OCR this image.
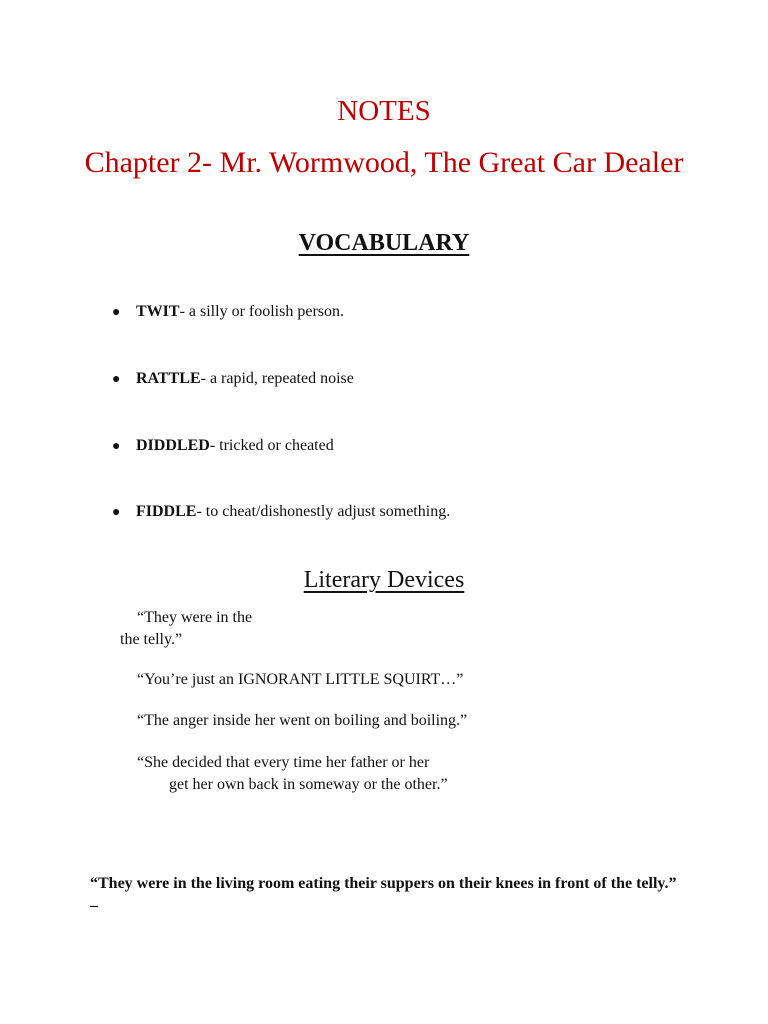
NOTES
Chapter 2- Mr. Wormwood, The Great Car Dealer
VOCABULARY
● TWIT- a silly or foolish person.
● RATTLE- a rapid, repeated noise
● DIDDLED- tricked or cheated
● FIDDLE- to cheat/dishonestly adjust something.
Literary Devices
“They were in the
the telly.”
“You’re just an IGNORANT LITTLE SQUIRT…”
“The anger inside her went on boiling and boiling.”
“She decided that every time her father or her
get her own back in someway or the other.”
“They were in the living room eating their suppers on their knees in front of the telly.” –
